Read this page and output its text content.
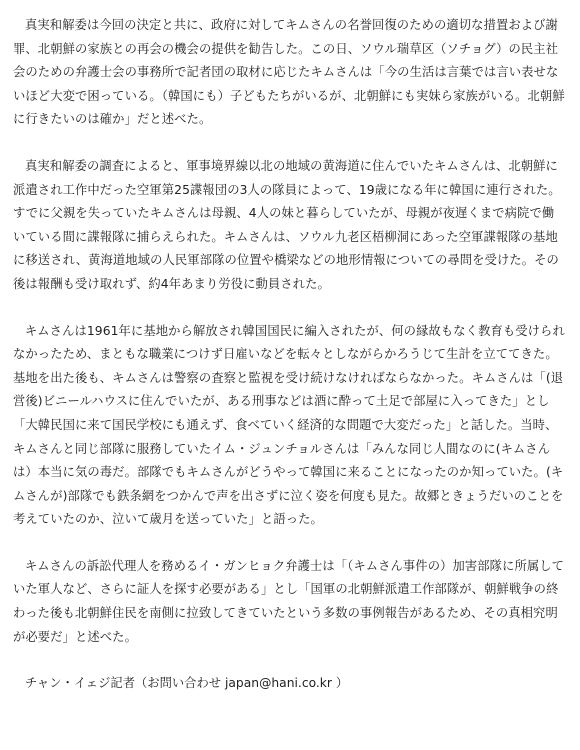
真実和解委は今回の決定と共に、政府に対してキムさんの名誉回復のための適切な措置および謝罪、北朝鮮の家族との再会の機会の提供を勧告した。この日、ソウル瑞草区（ソチョグ）の民主社会のための弁護士会の事務所で記者団の取材に応じたキムさんは「今の生活は言葉では言い表せないほど大変で困っている。（韓国にも）子どもたちがいるが、北朝鮮にも実妹ら家族がいる。北朝鮮に行きたいのは確か」だと述べた。

真実和解委の調査によると、軍事境界線以北の地域の黄海道に住んでいたキムさんは、北朝鮮に派遣され工作中だった空軍第25諜報団の3人の隊員によって、19歳になる年に韓国に連行された。すでに父親を失っていたキムさんは母親、4人の妹と暮らしていたが、母親が夜遅くまで病院で働いている間に諜報隊に捕らえられた。キムさんは、ソウル九老区梧柳洞にあった空軍諜報隊の基地に移送され、黄海道地域の人民軍部隊の位置や橋梁などの地形情報についての尋問を受けた。その後は報酬も受け取れず、約4年あまり労役に動員された。

キムさんは1961年に基地から解放され韓国国民に編入されたが、何の縁故もなく教育も受けられなかったため、まともな職業につけず日雇いなどを転々としながらかろうじて生計を立ててきた。基地を出た後も、キムさんは警察の査察と監視を受け続けなければならなかった。キムさんは「(退営後)ビニールハウスに住んでいたが、ある刑事などは酒に酔って土足で部屋に入ってきた」とし「大韓民国に来て国民学校にも通えず、食べていく経済的な問題で大変だった」と話した。当時、キムさんと同じ部隊に服務していたイム・ジュンチョルさんは「みんな同じ人間なのに(キムさん は）本当に気の毒だ。部隊でもキムさんがどうやって韓国に来ることになったのか知っていた。(キムさんが)部隊でも鉄条網をつかんで声を出さずに泣く姿を何度も見た。故郷ときょうだいのことを考えていたのか、泣いて歳月を送っていた」と語った。

キムさんの訴訟代理人を務めるイ・ガンヒョク弁護士は「（キムさん事件の）加害部隊に所属していた軍人など、さらに証人を探す必要がある」とし「国軍の北朝鮮派遣工作部隊が、朝鮮戦争の終わった後も北朝鮮住民を南側に拉致してきていたという多数の事例報告があるため、その真相究明が必要だ」と述べた。

チャン・イェジ記者（お問い合わせ japan@hani.co.kr ）
